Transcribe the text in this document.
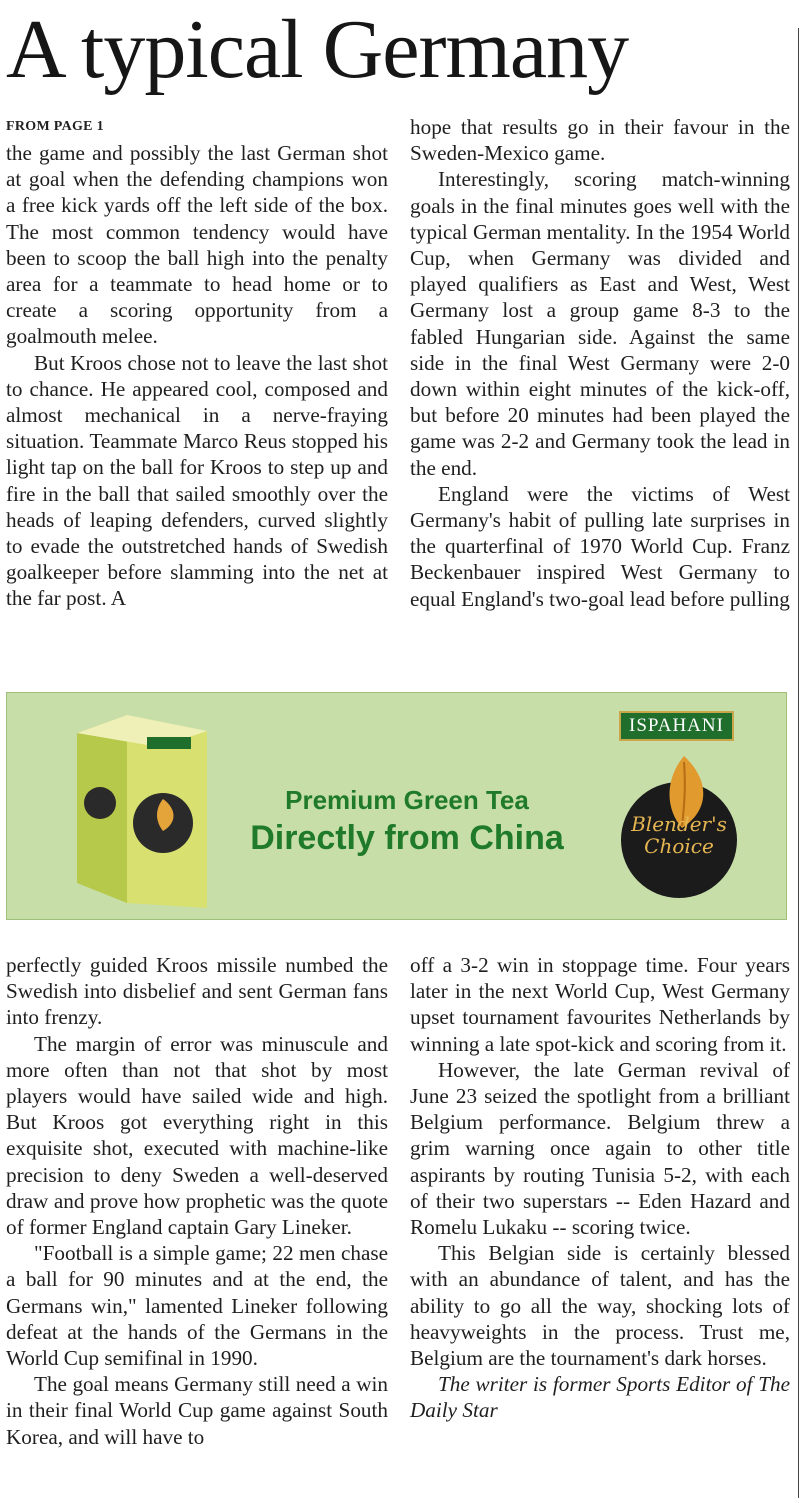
A typical Germany
FROM PAGE 1

the game and possibly the last German shot at goal when the defending champions won a free kick yards off the left side of the box. The most common tendency would have been to scoop the ball high into the penalty area for a teammate to head home or to create a scoring opportunity from a goalmouth melee.

But Kroos chose not to leave the last shot to chance. He appeared cool, composed and almost mechanical in a nerve-fraying situation. Teammate Marco Reus stopped his light tap on the ball for Kroos to step up and fire in the ball that sailed smoothly over the heads of leaping defenders, curved slightly to evade the outstretched hands of Swedish goalkeeper before slamming into the net at the far post. A

hope that results go in their favour in the Sweden-Mexico game.

Interestingly, scoring match-winning goals in the final minutes goes well with the typical German mentality. In the 1954 World Cup, when Germany was divided and played qualifiers as East and West, West Germany lost a group game 8-3 to the fabled Hungarian side. Against the same side in the final West Germany were 2-0 down within eight minutes of the kick-off, but before 20 minutes had been played the game was 2-2 and Germany took the lead in the end.

England were the victims of West Germany's habit of pulling late surprises in the quarterfinal of 1970 World Cup. Franz Beckenbauer inspired West Germany to equal England's two-goal lead before pulling

Premium Green Tea
Directly from China
ISPAHANI
Blender's
Choice

perfectly guided Kroos missile numbed the Swedish into disbelief and sent German fans into frenzy.

The margin of error was minuscule and more often than not that shot by most players would have sailed wide and high. But Kroos got everything right in this exquisite shot, executed with machine-like precision to deny Sweden a well-deserved draw and prove how prophetic was the quote of former England captain Gary Lineker.

"Football is a simple game; 22 men chase a ball for 90 minutes and at the end, the Germans win," lamented Lineker following defeat at the hands of the Germans in the World Cup semifinal in 1990.

The goal means Germany still need a win in their final World Cup game against South Korea, and will have to

off a 3-2 win in stoppage time. Four years later in the next World Cup, West Germany upset tournament favourites Netherlands by winning a late spot-kick and scoring from it.

However, the late German revival of June 23 seized the spotlight from a brilliant Belgium performance. Belgium threw a grim warning once again to other title aspirants by routing Tunisia 5-2, with each of their two superstars -- Eden Hazard and Romelu Lukaku -- scoring twice.

This Belgian side is certainly blessed with an abundance of talent, and has the ability to go all the way, shocking lots of heavyweights in the process. Trust me, Belgium are the tournament's dark horses.

The writer is former Sports Editor of The Daily Star
